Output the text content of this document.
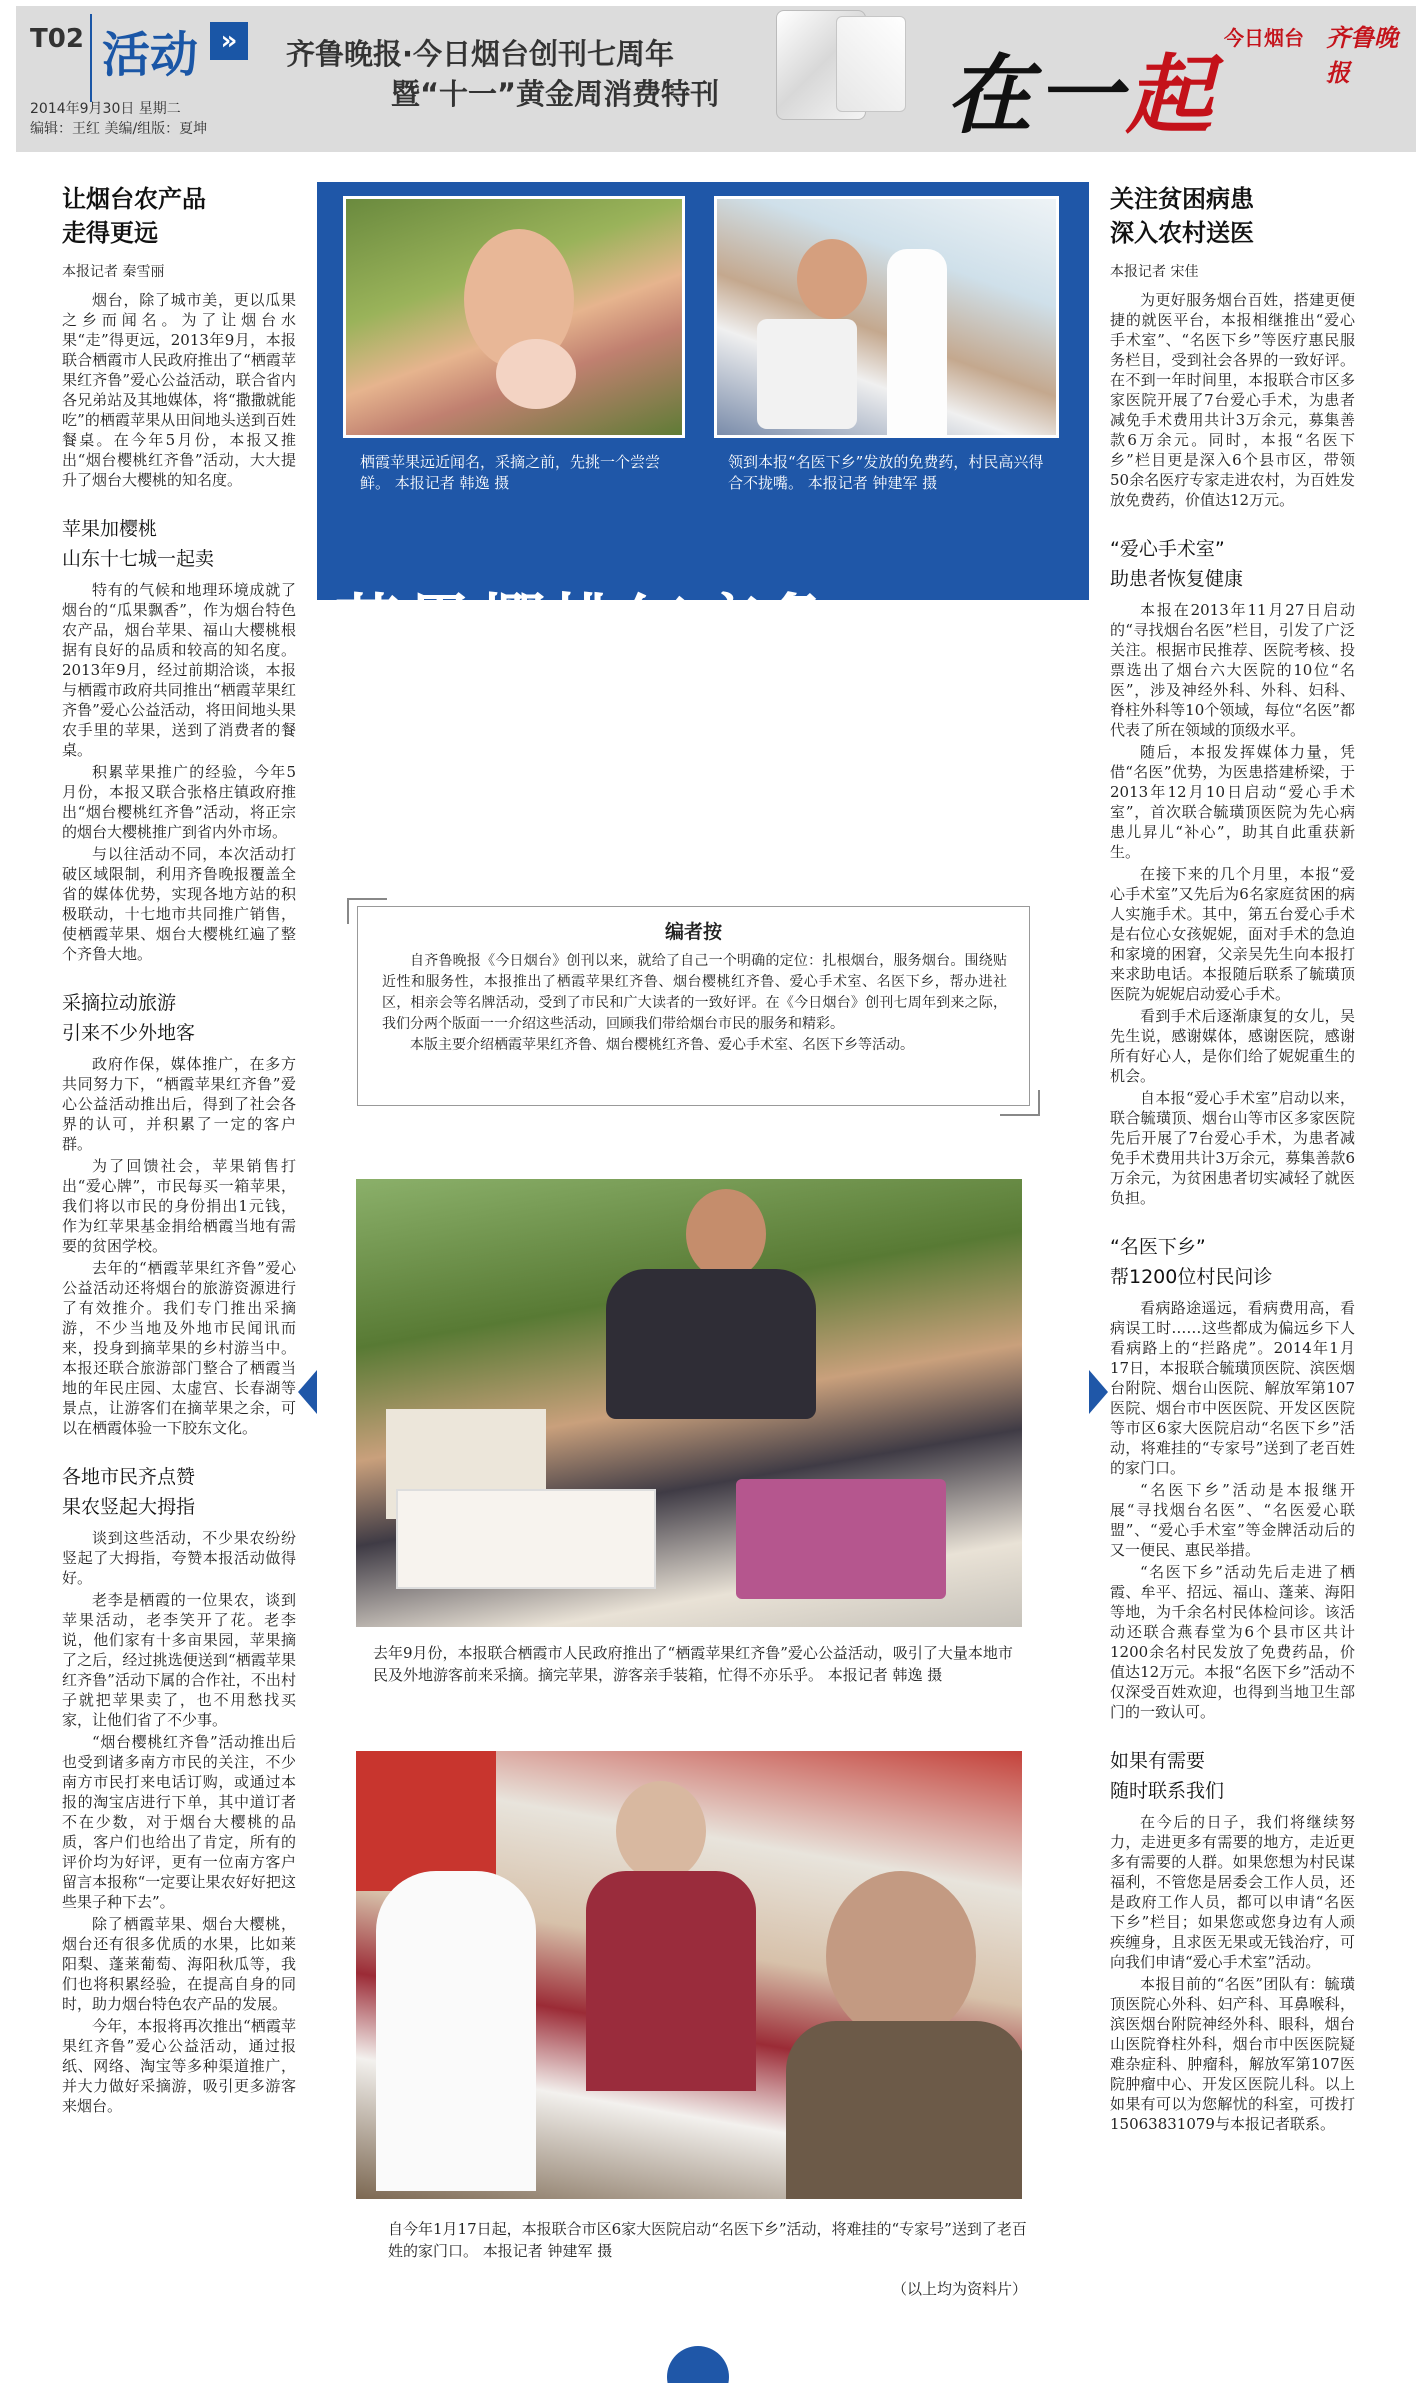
T02 活动 »
2014年9月30日 星期二
编辑：王红 美编/组版：夏坤
齐鲁晚报·今日烟台创刊七周年
暨“十一”黄金周消费特刊
今日烟台 齐鲁晚报
在一起
让烟台农产品
走得更远
本报记者 秦雪丽

烟台，除了城市美，更以瓜果之乡而闻名。为了让烟台水果“走”得更远，2013年9月，本报联合栖霞市人民政府推出了“栖霞苹果红齐鲁”爱心公益活动，联合省内各兄弟站及其地媒体，将“撒撒就能吃”的栖霞苹果从田间地头送到百姓餐桌。在今年5月份，本报又推出“烟台樱桃红齐鲁”活动，大大提升了烟台大樱桃的知名度。

苹果加樱桃
山东十七城一起卖

特有的气候和地理环境成就了烟台的“瓜果飘香”，作为烟台特色农产品，烟台苹果、福山大樱桃根据有良好的品质和较高的知名度。2013年9月，经过前期洽谈，本报与栖霞市政府共同推出“栖霞苹果红齐鲁”爱心公益活动，将田间地头果农手里的苹果，送到了消费者的餐桌。

积累苹果推广的经验，今年5月份，本报又联合张格庄镇政府推出“烟台樱桃红齐鲁”活动，将正宗的烟台大樱桃推广到省内外市场。

与以往活动不同，本次活动打破区域限制，利用齐鲁晚报覆盖全省的媒体优势，实现各地方站的积极联动，十七地市共同推广销售，使栖霞苹果、烟台大樱桃红遍了整个齐鲁大地。

采摘拉动旅游
引来不少外地客

政府作保，媒体推广，在多方共同努力下，“栖霞苹果红齐鲁”爱心公益活动推出后，得到了社会各界的认可，并积累了一定的客户群。

为了回馈社会，苹果销售打出“爱心牌”，市民每买一箱苹果，我们将以市民的身份捐出1元钱，作为红苹果基金捐给栖霞当地有需要的贫困学校。

去年的“栖霞苹果红齐鲁”爱心公益活动还将烟台的旅游资源进行了有效推介。我们专门推出采摘游，不少当地及外地市民闻讯而来，投身到摘苹果的乡村游当中。本报还联合旅游部门整合了栖霞当地的年民庄园、太虚宫、长春湖等景点，让游客们在摘苹果之余，可以在栖霞体验一下胶东文化。

各地市民齐点赞
果农竖起大拇指

谈到这些活动，不少果农纷纷竖起了大拇指，夸赞本报活动做得好。

老李是栖霞的一位果农，谈到苹果活动，老李笑开了花。老李说，他们家有十多亩果园，苹果摘了之后，经过挑选便送到“栖霞苹果红齐鲁”活动下属的合作社，不出村子就把苹果卖了，也不用愁找买家，让他们省了不少事。

“烟台樱桃红齐鲁”活动推出后也受到诸多南方市民的关注，不少南方市民打来电话订购，或通过本报的淘宝店进行下单，其中道订者不在少数，对于烟台大樱桃的品质，客户们也给出了肯定，所有的评价均为好评，更有一位南方客户留言本报称“一定要让果农好好把这些果子种下去”。

除了栖霞苹果、烟台大樱桃，烟台还有很多优质的水果，比如莱阳梨、蓬莱葡萄、海阳秋瓜等，我们也将积累经验，在提高自身的同时，助力烟台特色农产品的发展。

今年，本报将再次推出“栖霞苹果红齐鲁”爱心公益活动，通过报纸、网络、淘宝等多种渠道推广，并大力做好采摘游，吸引更多游客来烟台。

栖霞苹果远近闻名，采摘之前，先挑一个尝尝鲜。 本报记者 韩逸 摄
领到本报“名医下乡”发放的免费药，村民高兴得合不拢嘴。 本报记者 钟建军 摄
苹果樱桃红齐鲁
烟台名医扎进村
编者按

自齐鲁晚报《今日烟台》创刊以来，就给了自己一个明确的定位：扎根烟台，服务烟台。围绕贴近性和服务性，本报推出了栖霞苹果红齐鲁、烟台樱桃红齐鲁、爱心手术室、名医下乡，帮办进社区，相亲会等名牌活动，受到了市民和广大读者的一致好评。在《今日烟台》创刊七周年到来之际，我们分两个版面一一介绍这些活动，回顾我们带给烟台市民的服务和精彩。

本版主要介绍栖霞苹果红齐鲁、烟台樱桃红齐鲁、爱心手术室、名医下乡等活动。

去年9月份，本报联合栖霞市人民政府推出了“栖霞苹果红齐鲁”爱心公益活动，吸引了大量本地市民及外地游客前来采摘。摘完苹果，游客亲手装箱，忙得不亦乐乎。 本报记者 韩逸 摄
自今年1月17日起，本报联合市区6家大医院启动“名医下乡”活动，将难挂的“专家号”送到了老百姓的家门口。 本报记者 钟建军 摄
（以上均为资料片）
关注贫困病患
深入农村送医
本报记者 宋佳

为更好服务烟台百姓，搭建更便捷的就医平台，本报相继推出“爱心手术室”、“名医下乡”等医疗惠民服务栏目，受到社会各界的一致好评。在不到一年时间里，本报联合市区多家医院开展了7台爱心手术，为患者减免手术费用共计3万余元，募集善款6万余元。同时，本报“名医下乡”栏目更是深入6个县市区，带领50余名医疗专家走进农村，为百姓发放免费药，价值达12万元。

“爱心手术室”
助患者恢复健康

本报在2013年11月27日启动的“寻找烟台名医”栏目，引发了广泛关注。根据市民推荐、医院考核、投票选出了烟台六大医院的10位“名医”，涉及神经外科、外科、妇科、脊柱外科等10个领域，每位“名医”都代表了所在领域的顶级水平。

随后，本报发挥媒体力量，凭借“名医”优势，为医患搭建桥梁，于2013年12月10日启动“爱心手术室”，首次联合毓璜顶医院为先心病患儿昇儿“补心”，助其自此重获新生。

在接下来的几个月里，本报“爱心手术室”又先后为6名家庭贫困的病人实施手术。其中，第五台爱心手术是右位心女孩妮妮，面对手术的急迫和家境的困窘，父亲吴先生向本报打来求助电话。本报随后联系了毓璜顶医院为妮妮启动爱心手术。

看到手术后逐渐康复的女儿，吴先生说，感谢媒体，感谢医院，感谢所有好心人，是你们给了妮妮重生的机会。

自本报“爱心手术室”启动以来，联合毓璜顶、烟台山等市区多家医院先后开展了7台爱心手术，为患者减免手术费用共计3万余元，募集善款6万余元，为贫困患者切实减轻了就医负担。

“名医下乡”
帮1200位村民问诊

看病路途遥远，看病费用高，看病误工时……这些都成为偏远乡下人看病路上的“拦路虎”。2014年1月17日，本报联合毓璜顶医院、滨医烟台附院、烟台山医院、解放军第107医院、烟台市中医医院、开发区医院等市区6家大医院启动“名医下乡”活动，将难挂的“专家号”送到了老百姓的家门口。

“名医下乡”活动是本报继开展“寻找烟台名医”、“名医爱心联盟”、“爱心手术室”等金牌活动后的又一便民、惠民举措。

“名医下乡”活动先后走进了栖霞、牟平、招远、福山、蓬莱、海阳等地，为千余名村民体检问诊。该活动还联合燕春堂为6个县市区共计1200余名村民发放了免费药品，价值达12万元。本报“名医下乡”活动不仅深受百姓欢迎，也得到当地卫生部门的一致认可。

如果有需要
随时联系我们

在今后的日子，我们将继续努力，走进更多有需要的地方，走近更多有需要的人群。如果您想为村民谋福利，不管您是居委会工作人员，还是政府工作人员，都可以申请“名医下乡”栏目；如果您或您身边有人顽疾缠身，且求医无果或无钱治疗，可向我们申请“爱心手术室”活动。

本报目前的“名医”团队有：毓璜顶医院心外科、妇产科、耳鼻喉科，滨医烟台附院神经外科、眼科，烟台山医院脊柱外科，烟台市中医医院疑难杂症科、肿瘤科，解放军第107医院肿瘤中心、开发区医院儿科。以上如果有可以为您解忧的科室，可拨打15063831079与本报记者联系。
